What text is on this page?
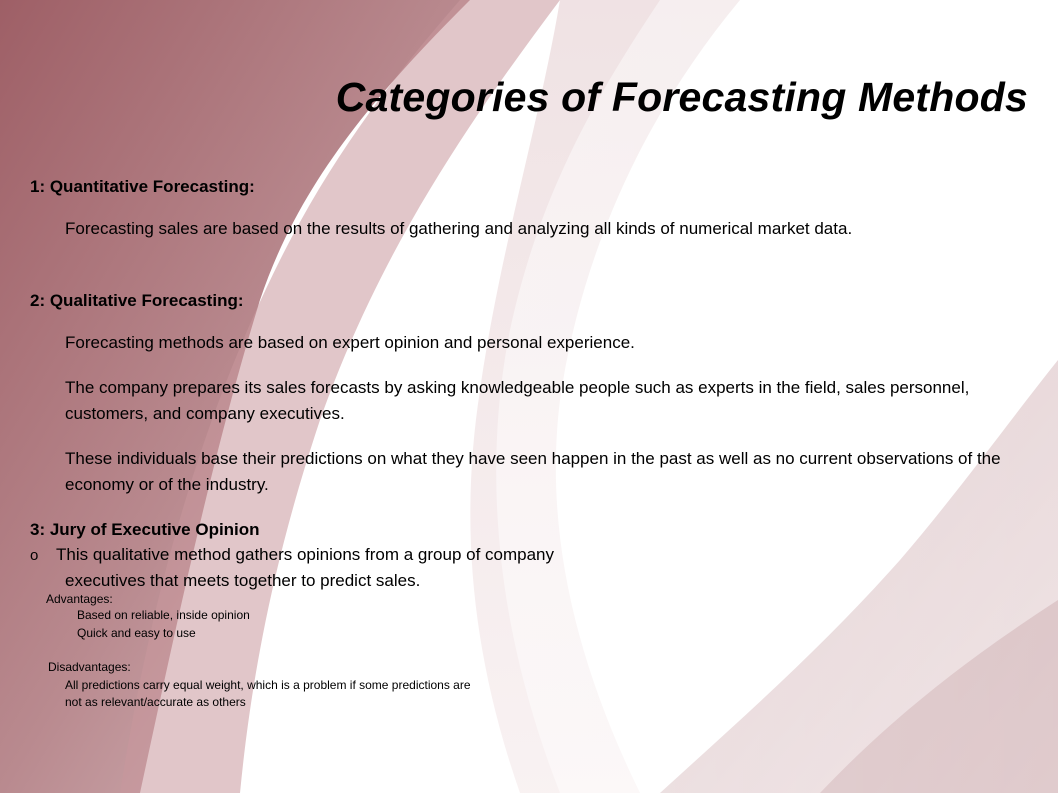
Categories of Forecasting Methods

1: Quantitative Forecasting:

Forecasting sales are based on the results of gathering and analyzing all kinds of numerical market data.

2: Qualitative Forecasting:

Forecasting methods are based on expert opinion and personal experience.

The company prepares its sales forecasts by asking knowledgeable people such as experts in the field, sales personnel, customers, and company executives.

These individuals base their predictions on what they have seen happen in the past as well as no current observations of the economy or of the industry.

3: Jury of Executive Opinion

o This qualitative method gathers opinions from a group of company

executives that meets together to predict sales.

Advantages:

Based on reliable, inside opinion

Quick and easy to use

Disadvantages:

All predictions carry equal weight, which is a problem if some predictions are not as relevant/accurate as others
